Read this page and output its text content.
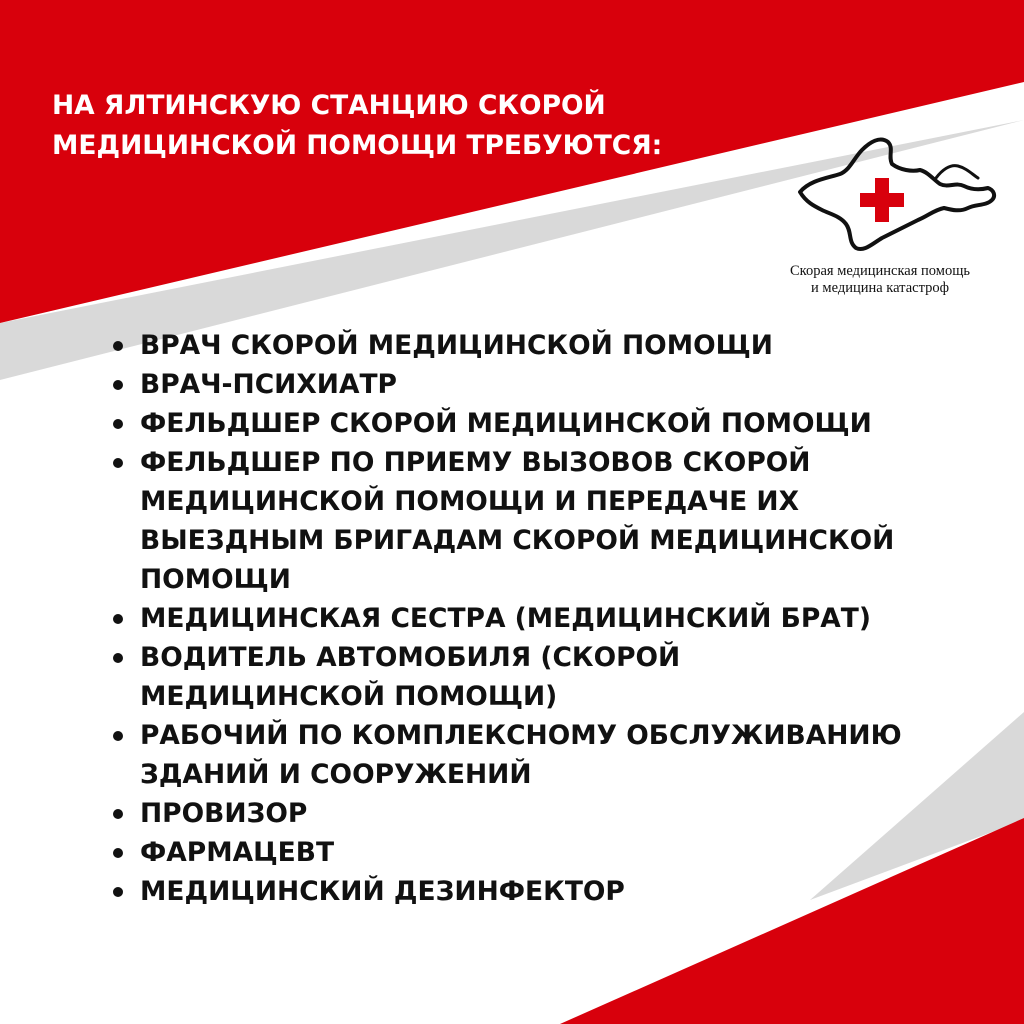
НА ЯЛТИНСКУЮ СТАНЦИЮ СКОРОЙ
МЕДИЦИНСКОЙ ПОМОЩИ ТРЕБУЮТСЯ:
Скорая медицинская помощь
и медицина катастроф
ВРАЧ СКОРОЙ МЕДИЦИНСКОЙ ПОМОЩИ
ВРАЧ-ПСИХИАТР
ФЕЛЬДШЕР СКОРОЙ МЕДИЦИНСКОЙ ПОМОЩИ
ФЕЛЬДШЕР ПО ПРИЕМУ ВЫЗОВОВ СКОРОЙ
МЕДИЦИНСКОЙ ПОМОЩИ И ПЕРЕДАЧЕ ИХ
ВЫЕЗДНЫМ БРИГАДАМ СКОРОЙ МЕДИЦИНСКОЙ
ПОМОЩИ
МЕДИЦИНСКАЯ СЕСТРА (МЕДИЦИНСКИЙ БРАТ)
ВОДИТЕЛЬ АВТОМОБИЛЯ (СКОРОЙ
МЕДИЦИНСКОЙ ПОМОЩИ)
РАБОЧИЙ ПО КОМПЛЕКСНОМУ ОБСЛУЖИВАНИЮ
ЗДАНИЙ И СООРУЖЕНИЙ
ПРОВИЗОР
ФАРМАЦЕВТ
МЕДИЦИНСКИЙ ДЕЗИНФЕКТОР
